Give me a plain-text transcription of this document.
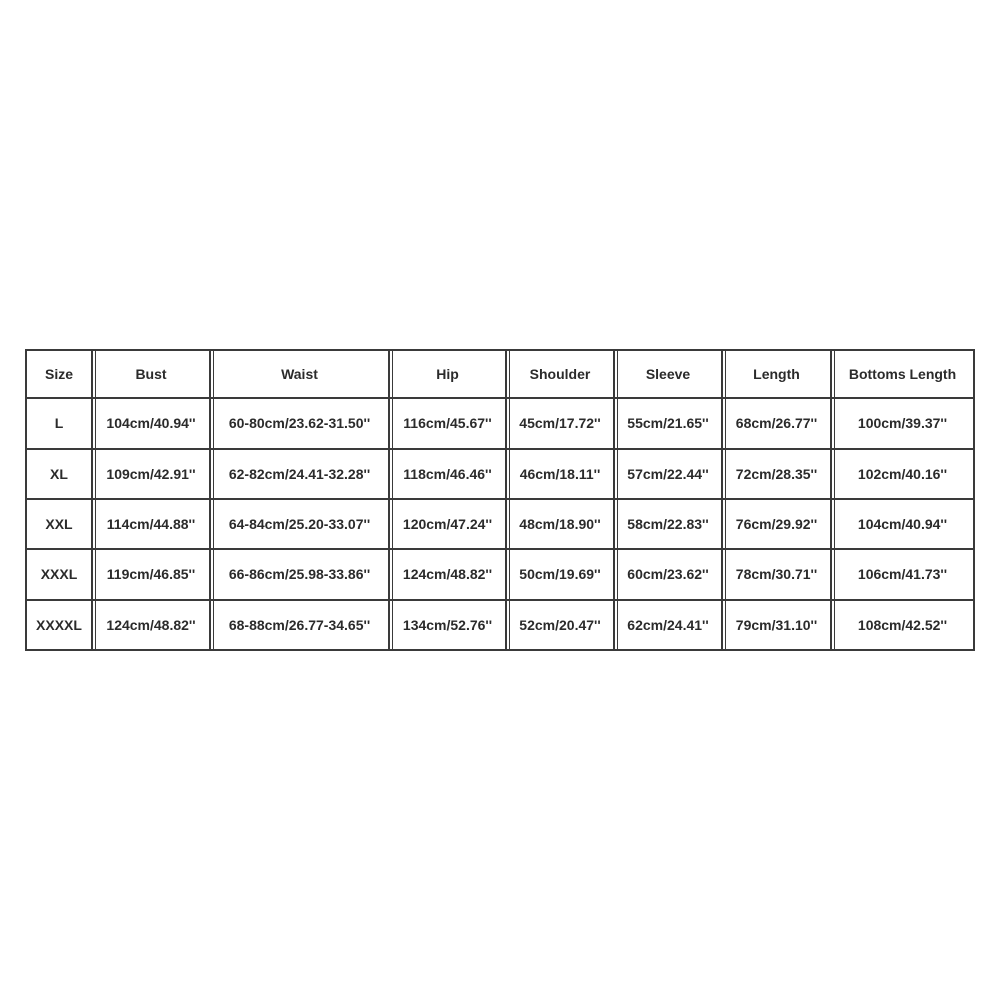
Size	Bust	Waist	Hip	Shoulder	Sleeve	Length	Bottoms Length
L	104cm/40.94''	60-80cm/23.62-31.50''	116cm/45.67''	45cm/17.72''	55cm/21.65''	68cm/26.77''	100cm/39.37''
XL	109cm/42.91''	62-82cm/24.41-32.28''	118cm/46.46''	46cm/18.11''	57cm/22.44''	72cm/28.35''	102cm/40.16''
XXL	114cm/44.88''	64-84cm/25.20-33.07''	120cm/47.24''	48cm/18.90''	58cm/22.83''	76cm/29.92''	104cm/40.94''
XXXL	119cm/46.85''	66-86cm/25.98-33.86''	124cm/48.82''	50cm/19.69''	60cm/23.62''	78cm/30.71''	106cm/41.73''
XXXXL	124cm/48.82''	68-88cm/26.77-34.65''	134cm/52.76''	52cm/20.47''	62cm/24.41''	79cm/31.10''	108cm/42.52''
